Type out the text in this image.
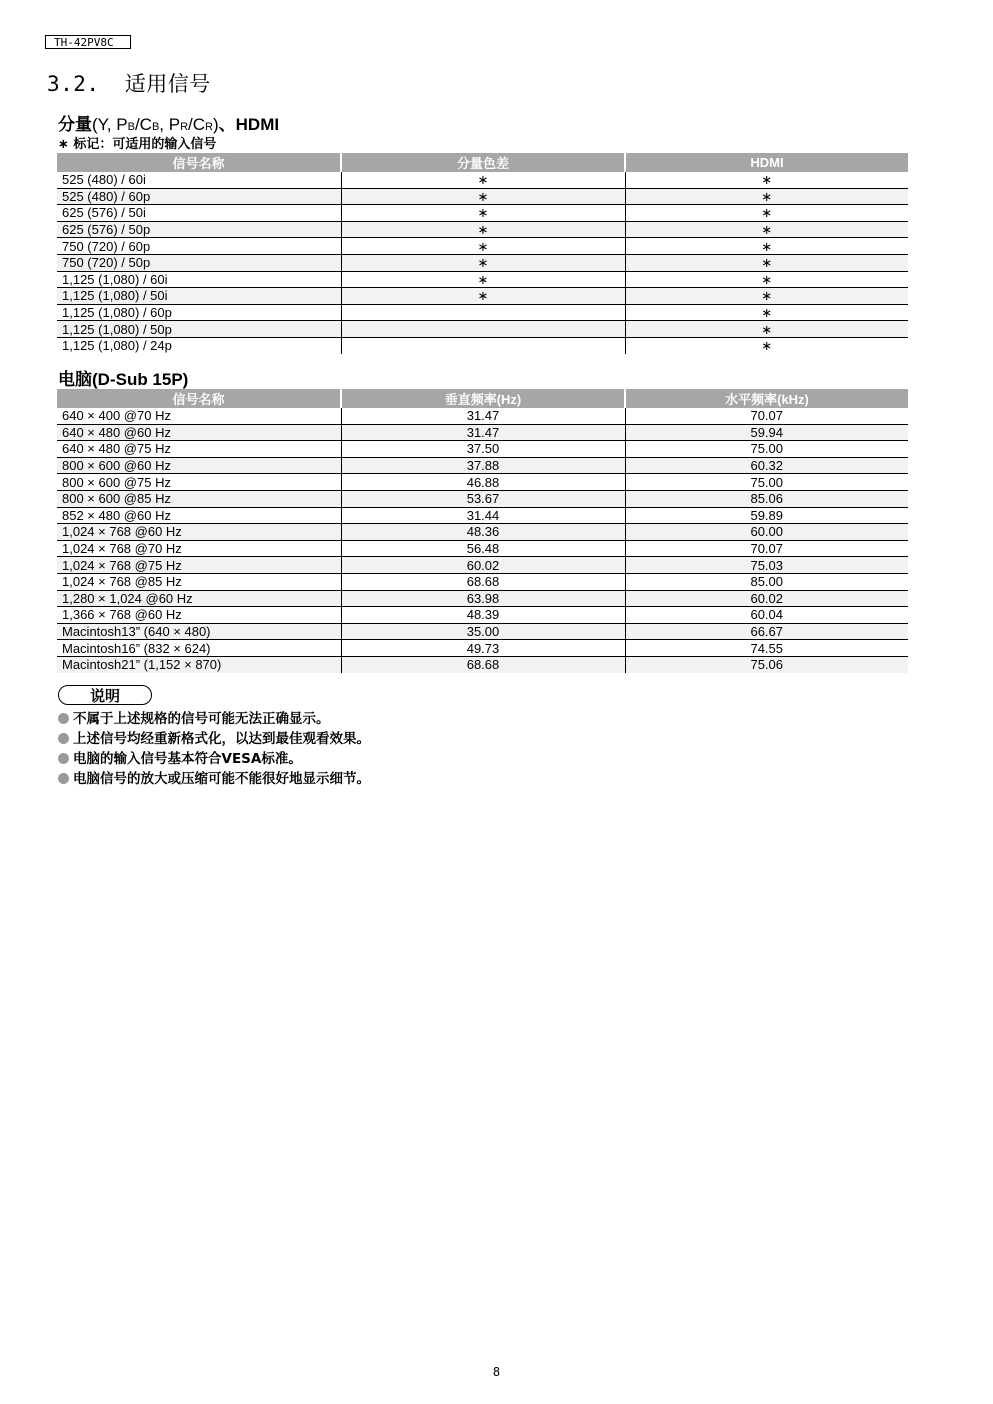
TH-42PV8C
3.2. 适用信号
分量(Y, PB/CB, PR/CR)、HDMI
∗ 标记：可适用的输入信号
信号名称	分量色差	HDMI
525 (480) / 60i	∗	∗
525 (480) / 60p	∗	∗
625 (576) / 50i	∗	∗
625 (576) / 50p	∗	∗
750 (720) / 60p	∗	∗
750 (720) / 50p	∗	∗
1,125 (1,080) / 60i	∗	∗
1,125 (1,080) / 50i	∗	∗
1,125 (1,080) / 60p		∗
1,125 (1,080) / 50p		∗
1,125 (1,080) / 24p		∗
电脑(D-Sub 15P)
信号名称	垂直频率(Hz)	水平频率(kHz)
640 × 400 @70 Hz	31.47	70.07
640 × 480 @60 Hz	31.47	59.94
640 × 480 @75 Hz	37.50	75.00
800 × 600 @60 Hz	37.88	60.32
800 × 600 @75 Hz	46.88	75.00
800 × 600 @85 Hz	53.67	85.06
852 × 480 @60 Hz	31.44	59.89
1,024 × 768 @60 Hz	48.36	60.00
1,024 × 768 @70 Hz	56.48	70.07
1,024 × 768 @75 Hz	60.02	75.03
1,024 × 768 @85 Hz	68.68	85.00
1,280 × 1,024 @60 Hz	63.98	60.02
1,366 × 768 @60 Hz	48.39	60.04
Macintosh13” (640 × 480)	35.00	66.67
Macintosh16” (832 × 624)	49.73	74.55
Macintosh21” (1,152 × 870)	68.68	75.06
说明
不属于上述规格的信号可能无法正确显示。
上述信号均经重新格式化，以达到最佳观看效果。
电脑的输入信号基本符合VESA标准。
电脑信号的放大或压缩可能不能很好地显示细节。
8
